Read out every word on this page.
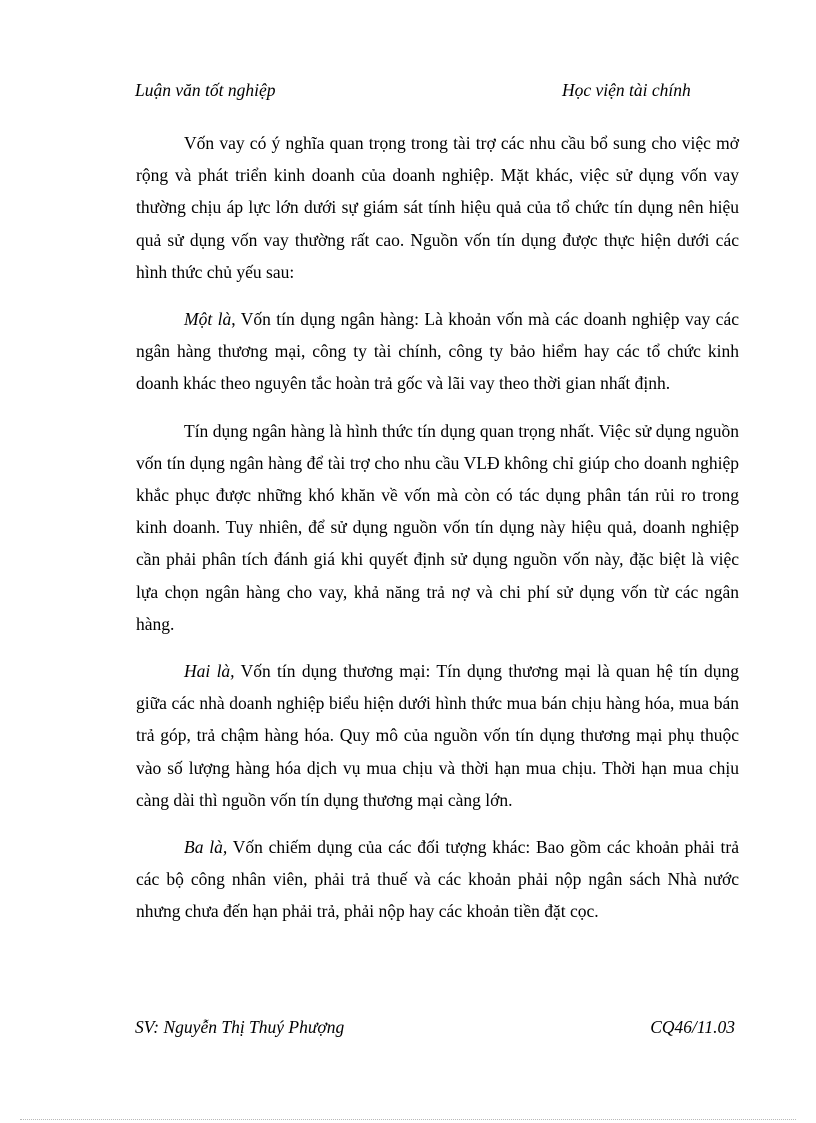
Luận văn tốt nghiệp	Học viện tài chính

Vốn vay có ý nghĩa quan trọng trong tài trợ các nhu cầu bổ sung cho việc mở rộng và phát triển kinh doanh của doanh nghiệp. Mặt khác, việc sử dụng vốn vay thường chịu áp lực lớn dưới sự giám sát tính hiệu quả của tổ chức tín dụng nên hiệu quả sử dụng vốn vay thường rất cao. Nguồn vốn tín dụng được thực hiện dưới các hình thức chủ yếu sau:

Một là, Vốn tín dụng ngân hàng: Là khoản vốn mà các doanh nghiệp vay các ngân hàng thương mại, công ty tài chính, công ty bảo hiểm hay các tổ chức kinh doanh khác theo nguyên tắc hoàn trả gốc và lãi vay theo thời gian nhất định.

Tín dụng ngân hàng là hình thức tín dụng quan trọng nhất. Việc sử dụng nguồn vốn tín dụng ngân hàng để tài trợ cho nhu cầu VLĐ không chỉ giúp cho doanh nghiệp khắc phục được những khó khăn về vốn mà còn có tác dụng phân tán rủi ro trong kinh doanh. Tuy nhiên, để sử dụng nguồn vốn tín dụng này hiệu quả, doanh nghiệp cần phải phân tích đánh giá khi quyết định sử dụng nguồn vốn này, đặc biệt là việc lựa chọn ngân hàng cho vay, khả năng trả nợ và chi phí sử dụng vốn từ các ngân hàng.

Hai là, Vốn tín dụng thương mại: Tín dụng thương mại là quan hệ tín dụng giữa các nhà doanh nghiệp biểu hiện dưới hình thức mua bán chịu hàng hóa, mua bán trả góp, trả chậm hàng hóa. Quy mô của nguồn vốn tín dụng thương mại phụ thuộc vào số lượng hàng hóa dịch vụ mua chịu và thời hạn mua chịu. Thời hạn mua chịu càng dài thì nguồn vốn tín dụng thương mại càng lớn.

Ba là, Vốn chiếm dụng của các đối tượng khác: Bao gồm các khoản phải trả các bộ công nhân viên, phải trả thuế và các khoản phải nộp ngân sách Nhà nước nhưng chưa đến hạn phải trả, phải nộp hay các khoản tiền đặt cọc.

SV: Nguyễn Thị Thuý Phượng	CQ46/11.03
